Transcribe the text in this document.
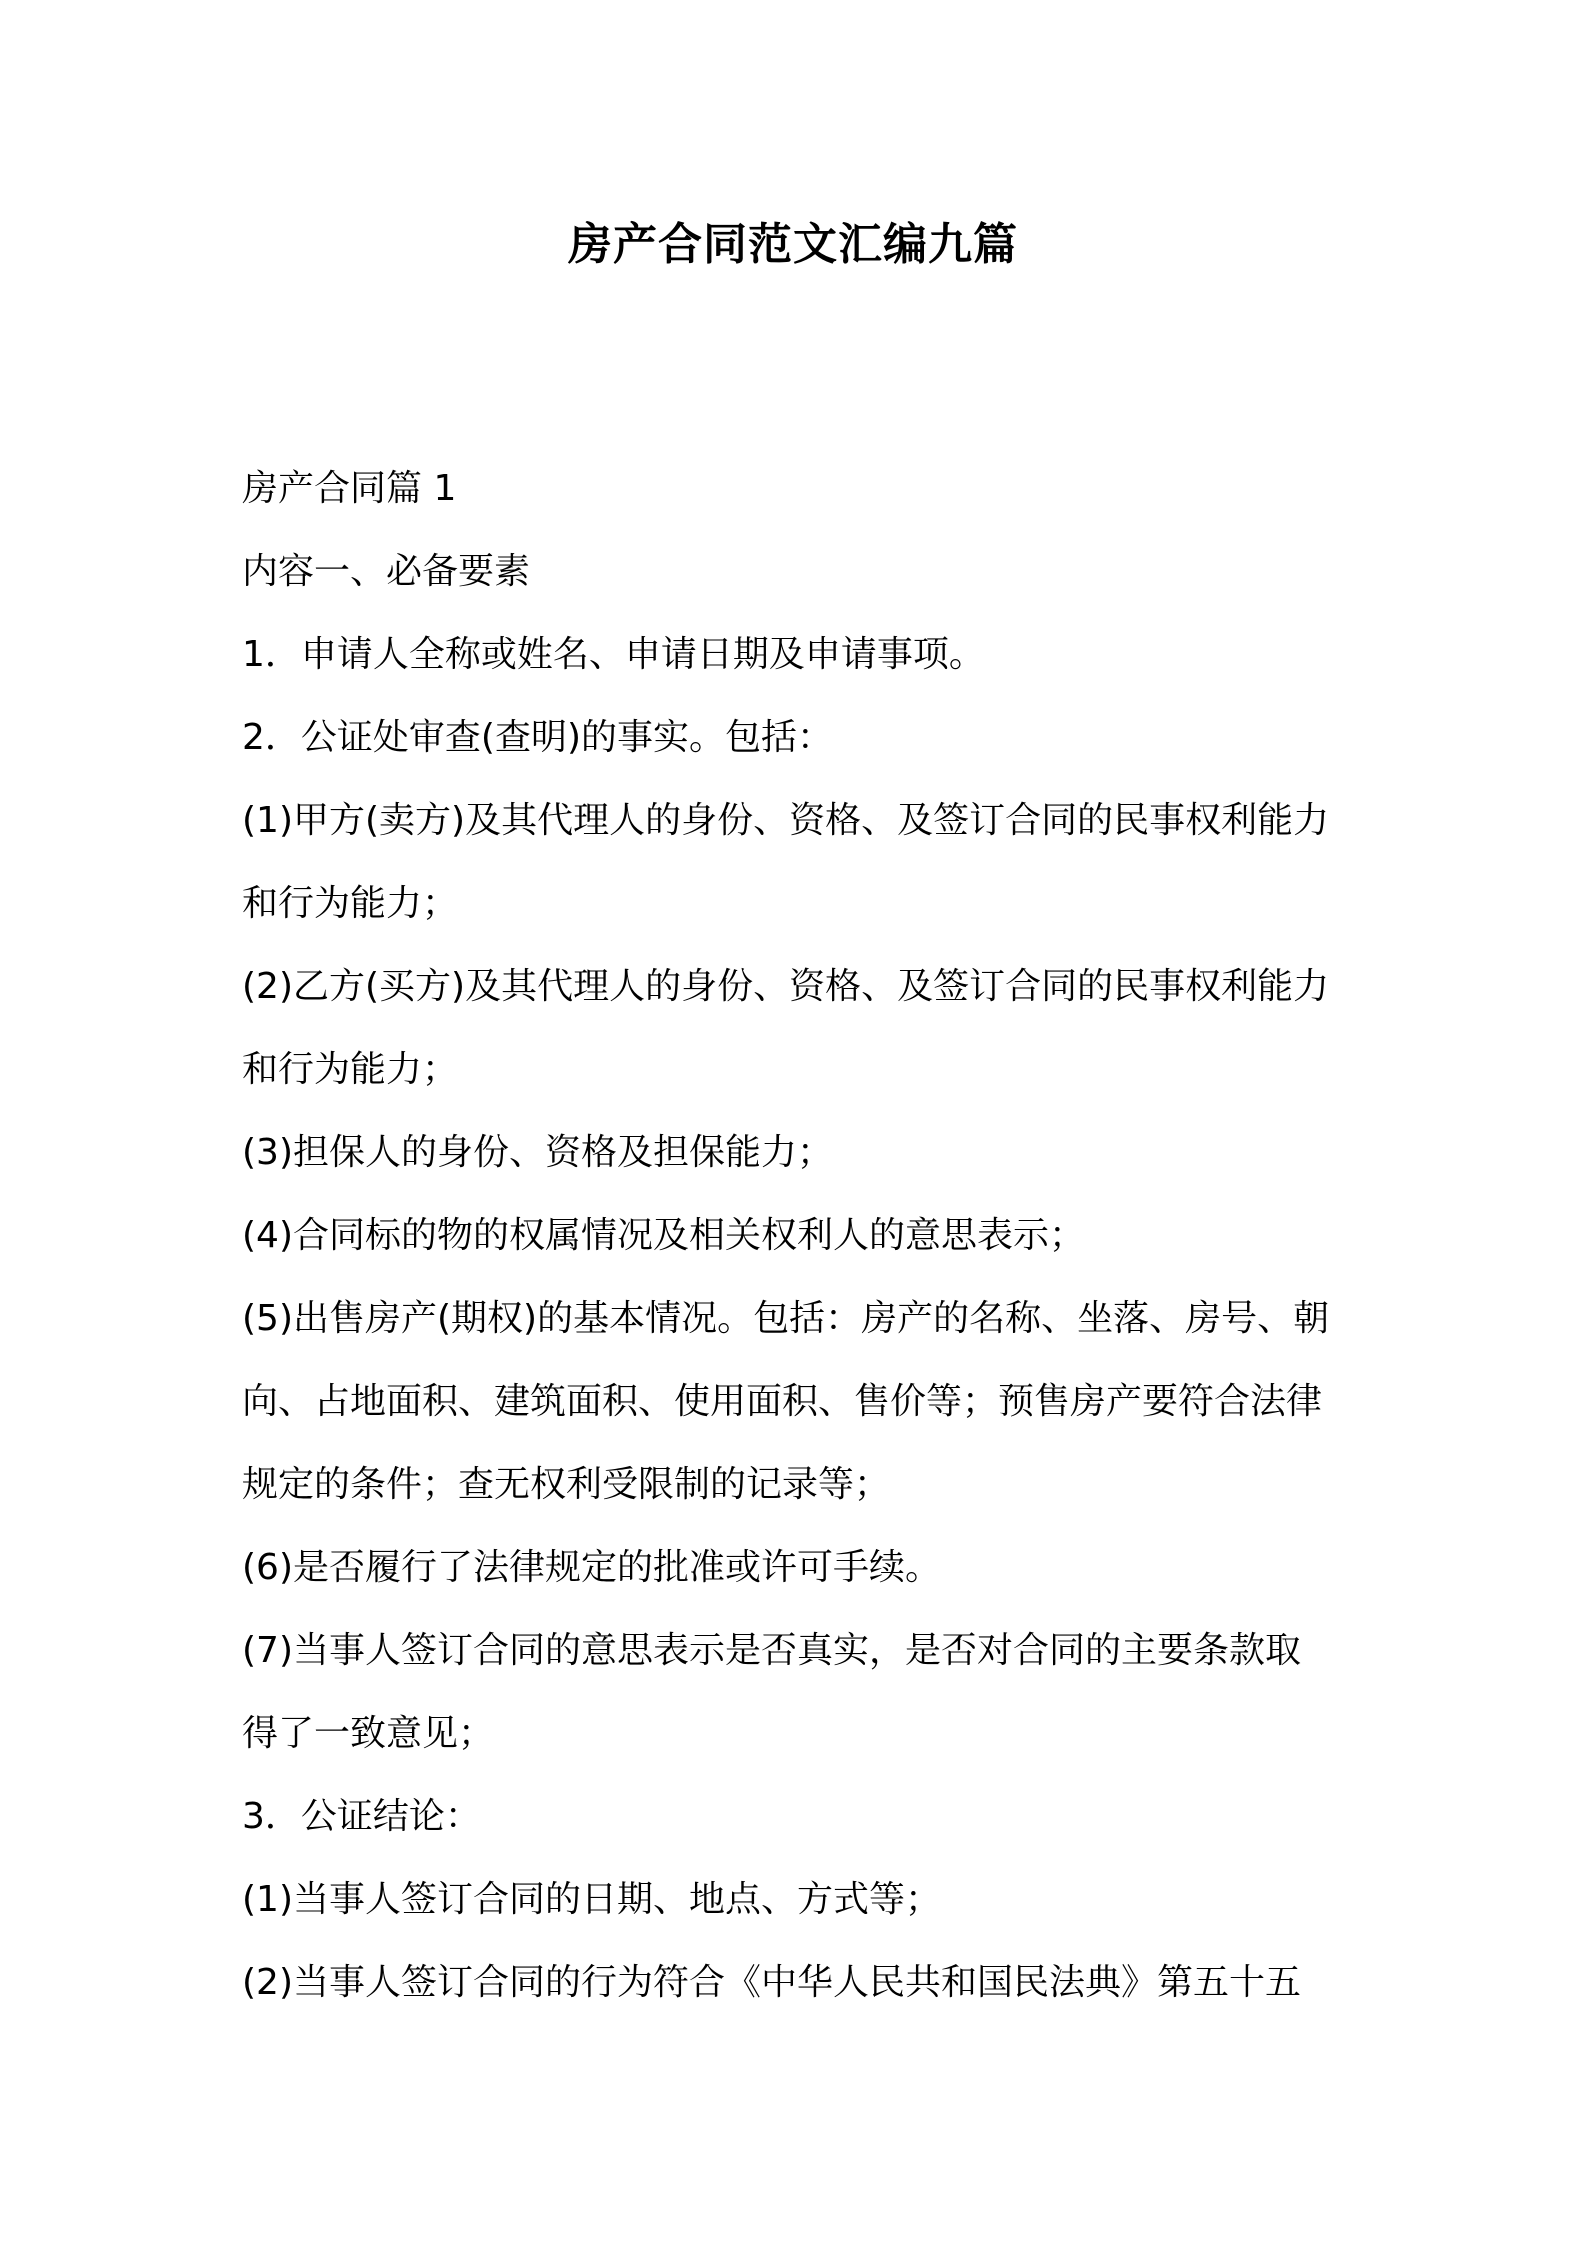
房产合同范文汇编九篇
房产合同篇 1
内容一、必备要素
1．申请人全称或姓名、申请日期及申请事项。
2．公证处审查(查明)的事实。包括：
(1)甲方(卖方)及其代理人的身份、资格、及签订合同的民事权利能力
和行为能力；
(2)乙方(买方)及其代理人的身份、资格、及签订合同的民事权利能力
和行为能力；
(3)担保人的身份、资格及担保能力；
(4)合同标的物的权属情况及相关权利人的意思表示；
(5)出售房产(期权)的基本情况。包括：房产的名称、坐落、房号、朝
向、占地面积、建筑面积、使用面积、售价等；预售房产要符合法律
规定的条件；查无权利受限制的记录等；
(6)是否履行了法律规定的批准或许可手续。
(7)当事人签订合同的意思表示是否真实，是否对合同的主要条款取
得了一致意见；
3．公证结论：
(1)当事人签订合同的日期、地点、方式等；
(2)当事人签订合同的行为符合《中华人民共和国民法典》第五十五
